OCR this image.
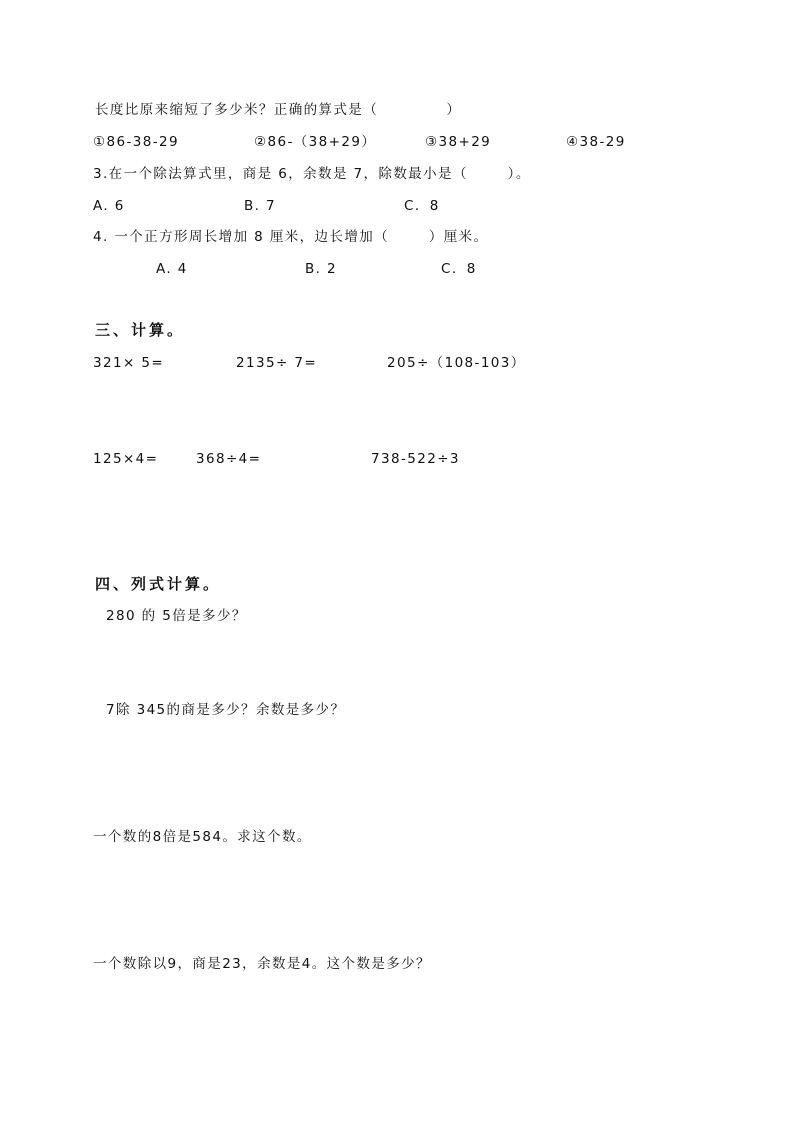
长度比原来缩短了多少米？正确的算式是（            ）
①86-38-29	②86-（38+29）	③38+29	④38-29
3.在一个除法算式里，商是 6，余数是 7，除数最小是（       ）。
A. 6	B. 7	C．8
4. 一个正方形周长增加 8 厘米，边长增加（       ）厘米。
A. 4	B. 2	C．8
三、计算。
321× 5=	2135÷ 7=	205÷（108-103）
125×4=	368÷4=	738-522÷3
四、列式计算。
280 的 5倍是多少？
7除 345的商是多少？余数是多少？
一个数的8倍是584。求这个数。
一个数除以9，商是23，余数是4。这个数是多少？
